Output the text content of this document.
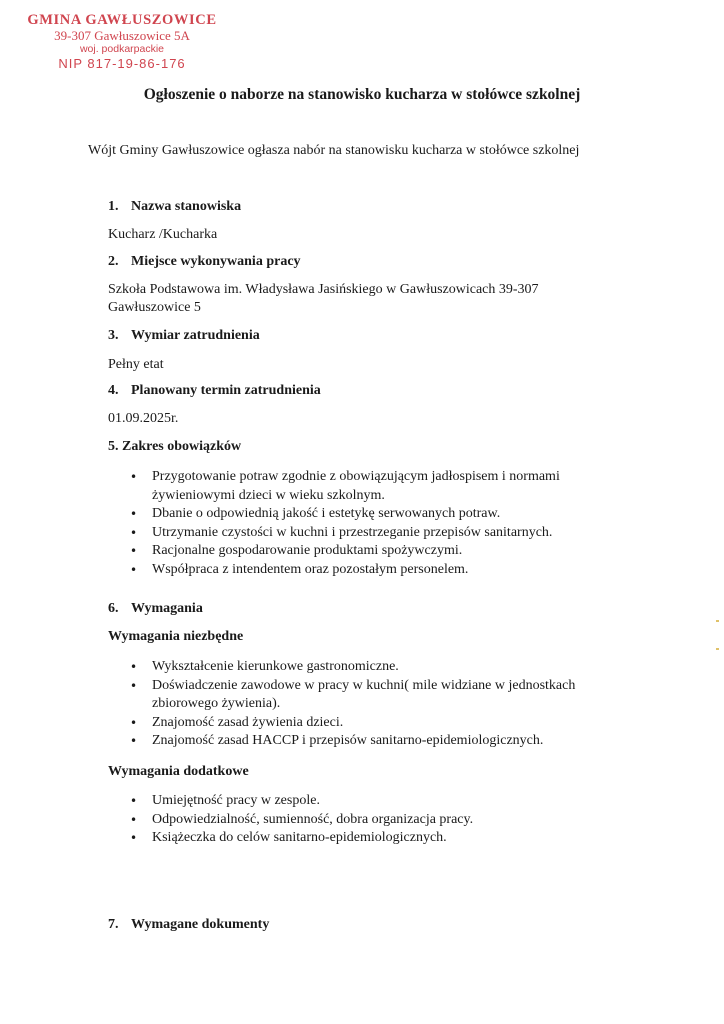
GMINA GAWŁUSZOWICE
39-307 Gawłuszowice 5A
woj. podkarpackie
NIP 817-19-86-176
Ogłoszenie o naborze na stanowisko kucharza w stołówce szkolnej
Wójt Gminy Gawłuszowice ogłasza nabór na stanowisku kucharza w stołówce szkolnej
1. Nazwa stanowiska
Kucharz /Kucharka
2. Miejsce wykonywania pracy
Szkoła Podstawowa im. Władysława Jasińskiego w Gawłuszowicach 39-307 Gawłuszowice 5
3. Wymiar zatrudnienia
Pełny etat
4. Planowany termin zatrudnienia
01.09.2025r.
5. Zakres obowiązków
• Przygotowanie potraw zgodnie z obowiązującym jadłospisem i normami żywieniowymi dzieci w wieku szkolnym.
• Dbanie o odpowiednią jakość i estetykę serwowanych potraw.
• Utrzymanie czystości w kuchni i przestrzeganie przepisów sanitarnych.
• Racjonalne gospodarowanie produktami spożywczymi.
• Współpraca z intendentem oraz pozostałym personelem.
6. Wymagania
Wymagania niezbędne
• Wykształcenie kierunkowe gastronomiczne.
• Doświadczenie zawodowe w pracy w kuchni( mile widziane w jednostkach zbiorowego żywienia).
• Znajomość zasad żywienia dzieci.
• Znajomość zasad HACCP i przepisów sanitarno-epidemiologicznych.
Wymagania dodatkowe
• Umiejętność pracy w zespole.
• Odpowiedzialność, sumienność, dobra organizacja pracy.
• Książeczka do celów sanitarno-epidemiologicznych.
7. Wymagane dokumenty
